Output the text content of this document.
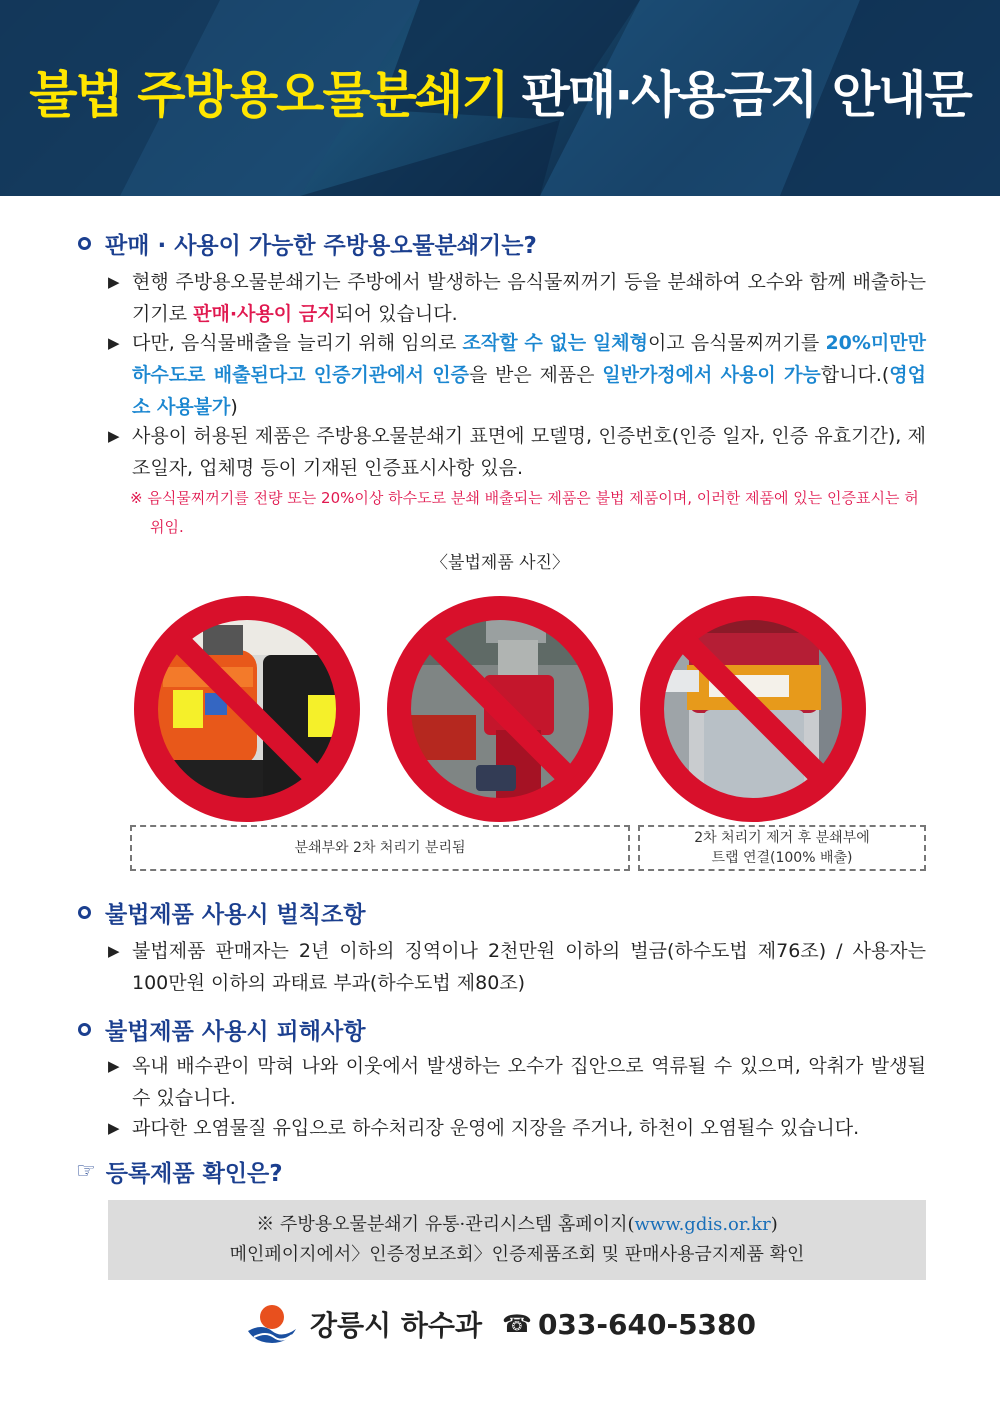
불법 주방용오물분쇄기 판매·사용금지 안내문
판매 · 사용이 가능한 주방용오물분쇄기는?
▶ 현행 주방용오물분쇄기는 주방에서 발생하는 음식물찌꺼기 등을 분쇄하여 오수와 함께 배출하는 기기로 판매·사용이 금지되어 있습니다.
▶ 다만, 음식물배출을 늘리기 위해 임의로 조작할 수 없는 일체형이고 음식물찌꺼기를 20%미만만 하수도로 배출된다고 인증기관에서 인증을 받은 제품은 일반가정에서 사용이 가능합니다.(영업소 사용불가)
▶ 사용이 허용된 제품은 주방용오물분쇄기 표면에 모델명, 인증번호(인증 일자, 인증 유효기간), 제조일자, 업체명 등이 기재된 인증표시사항 있음.
※ 음식물찌꺼기를 전량 또는 20%이상 하수도로 분쇄 배출되는 제품은 불법 제품이며, 이러한 제품에 있는 인증표시는 허위임.
〈불법제품 사진〉
분쇄부와 2차 처리기 분리됨
2차 처리기 제거 후 분쇄부에
트랩 연결(100% 배출)
불법제품 사용시 벌칙조항
▶ 불법제품 판매자는 2년 이하의 징역이나 2천만원 이하의 벌금(하수도법 제76조) / 사용자는 100만원 이하의 과태료 부과(하수도법 제80조)
불법제품 사용시 피해사항
▶ 옥내 배수관이 막혀 나와 이웃에서 발생하는 오수가 집안으로 역류될 수 있으며, 악취가 발생될 수 있습니다.
▶ 과다한 오염물질 유입으로 하수처리장 운영에 지장을 주거나, 하천이 오염될수 있습니다.
☞ 등록제품 확인은?
※ 주방용오물분쇄기 유통·관리시스템 홈페이지(www.gdis.or.kr)
메인페이지에서〉인증정보조회〉인증제품조회 및 판매사용금지제품 확인
강릉시 하수과 ☎ 033-640-5380
